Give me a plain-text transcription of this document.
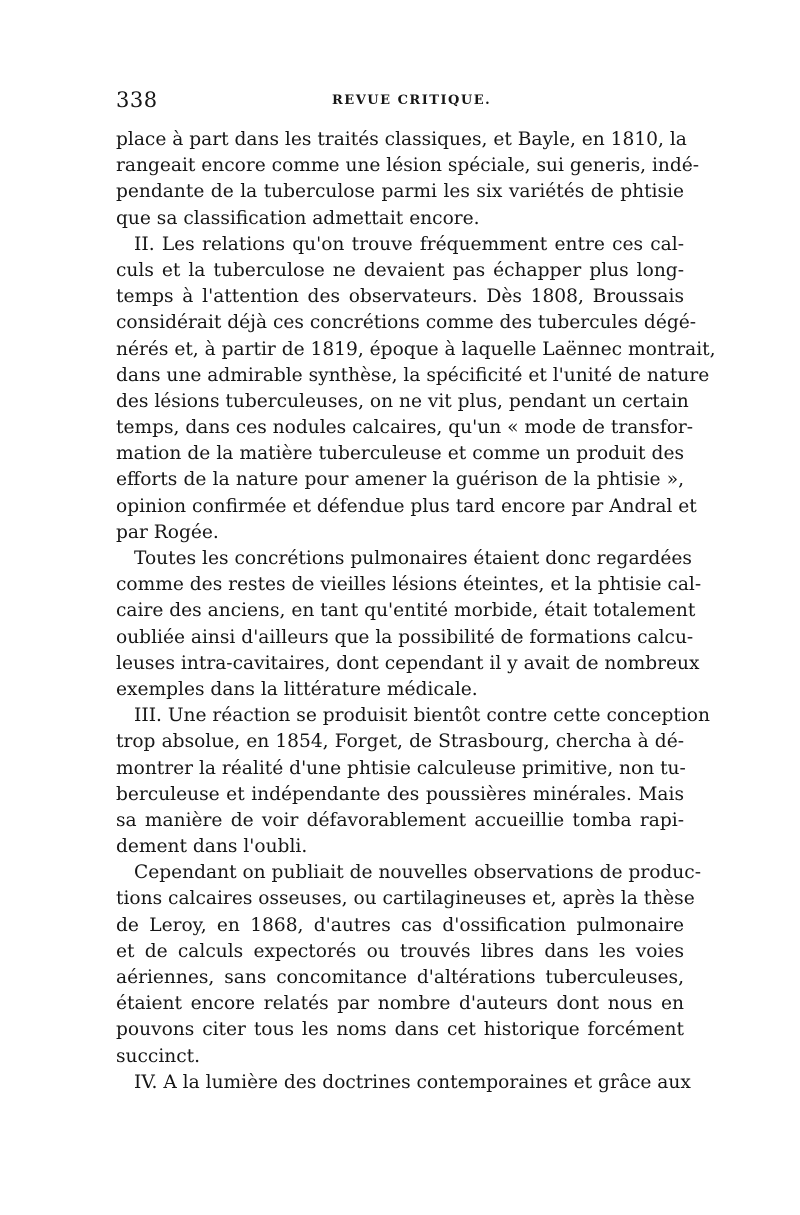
338	REVUE CRITIQUE.
place à part dans les traités classiques, et Bayle, en 1810, la
rangeait encore comme une lésion spéciale, sui generis, indé-
pendante de la tuberculose parmi les six variétés de phtisie
que sa classification admettait encore.
II. Les relations qu'on trouve fréquemment entre ces cal-
culs et la tuberculose ne devaient pas échapper plus long-
temps à l'attention des observateurs. Dès 1808, Broussais
considérait déjà ces concrétions comme des tubercules dégé-
nérés et, à partir de 1819, époque à laquelle Laënnec montrait,
dans une admirable synthèse, la spécificité et l'unité de nature
des lésions tuberculeuses, on ne vit plus, pendant un certain
temps, dans ces nodules calcaires, qu'un « mode de transfor-
mation de la matière tuberculeuse et comme un produit des
efforts de la nature pour amener la guérison de la phtisie »,
opinion confirmée et défendue plus tard encore par Andral et
par Rogée.
Toutes les concrétions pulmonaires étaient donc regardées
comme des restes de vieilles lésions éteintes, et la phtisie cal-
caire des anciens, en tant qu'entité morbide, était totalement
oubliée ainsi d'ailleurs que la possibilité de formations calcu-
leuses intra-cavitaires, dont cependant il y avait de nombreux
exemples dans la littérature médicale.
III. Une réaction se produisit bientôt contre cette conception
trop absolue, en 1854, Forget, de Strasbourg, chercha à dé-
montrer la réalité d'une phtisie calculeuse primitive, non tu-
berculeuse et indépendante des poussières minérales. Mais
sa manière de voir défavorablement accueillie tomba rapi-
dement dans l'oubli.
Cependant on publiait de nouvelles observations de produc-
tions calcaires osseuses, ou cartilagineuses et, après la thèse
de Leroy, en 1868, d'autres cas d'ossification pulmonaire
et de calculs expectorés ou trouvés libres dans les voies
aériennes, sans concomitance d'altérations tuberculeuses,
étaient encore relatés par nombre d'auteurs dont nous en
pouvons citer tous les noms dans cet historique forcément
succinct.
IV. A la lumière des doctrines contemporaines et grâce aux
